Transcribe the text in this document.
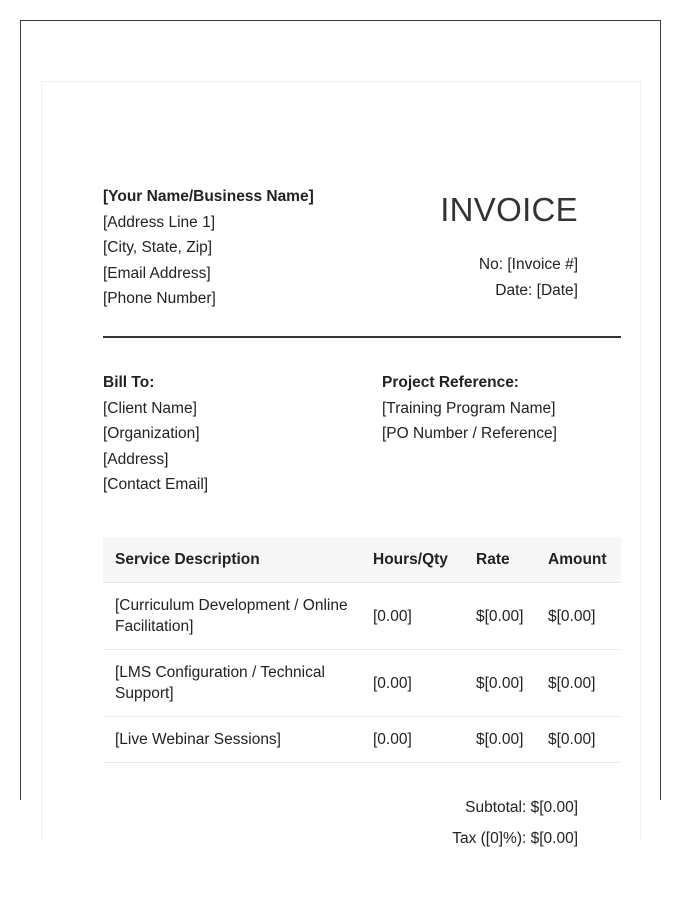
[Your Name/Business Name]
[Address Line 1]
[City, State, Zip]
[Email Address]
[Phone Number]
INVOICE
No: [Invoice #]
Date: [Date]
Bill To:
[Client Name]
[Organization]
[Address]
[Contact Email]
Project Reference:
[Training Program Name]
[PO Number / Reference]
Service Description	Hours/Qty	Rate	Amount
[Curriculum Development / Online Facilitation]	[0.00]	$[0.00]	$[0.00]
[LMS Configuration / Technical Support]	[0.00]	$[0.00]	$[0.00]
[Live Webinar Sessions]	[0.00]	$[0.00]	$[0.00]
Subtotal: $[0.00]
Tax ([0]%): $[0.00]
